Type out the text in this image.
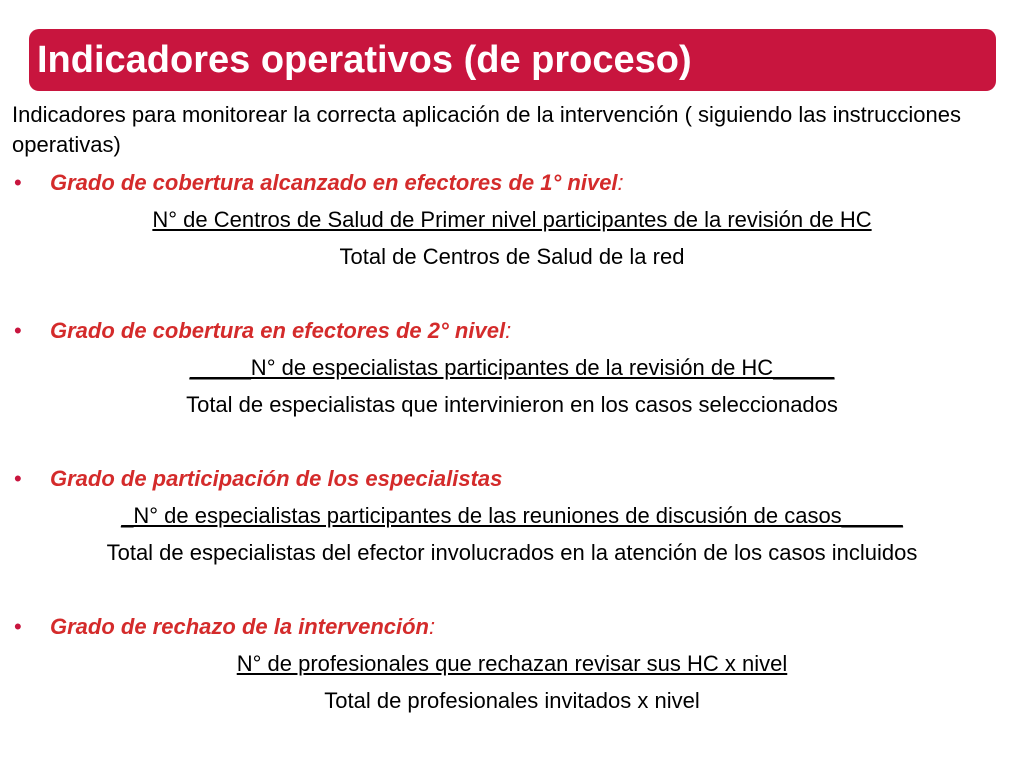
Indicadores operativos (de proceso)
Indicadores para monitorear la correcta aplicación de la intervención ( siguiendo las instrucciones operativas)
• Grado de cobertura alcanzado en efectores de 1° nivel:
N° de Centros de Salud de Primer nivel participantes de la revisión de HC
Total de Centros de Salud de la red
• Grado de cobertura en efectores de 2° nivel:
_____N° de especialistas participantes de la revisión de HC_____
Total de especialistas que intervinieron en los casos seleccionados
• Grado de participación de los especialistas
_N° de especialistas participantes de las reuniones de discusión de casos_____
Total de especialistas del efector involucrados en la atención de los casos incluidos
• Grado de rechazo de la intervención:
N° de profesionales que rechazan revisar sus HC x nivel
Total de profesionales invitados x nivel
